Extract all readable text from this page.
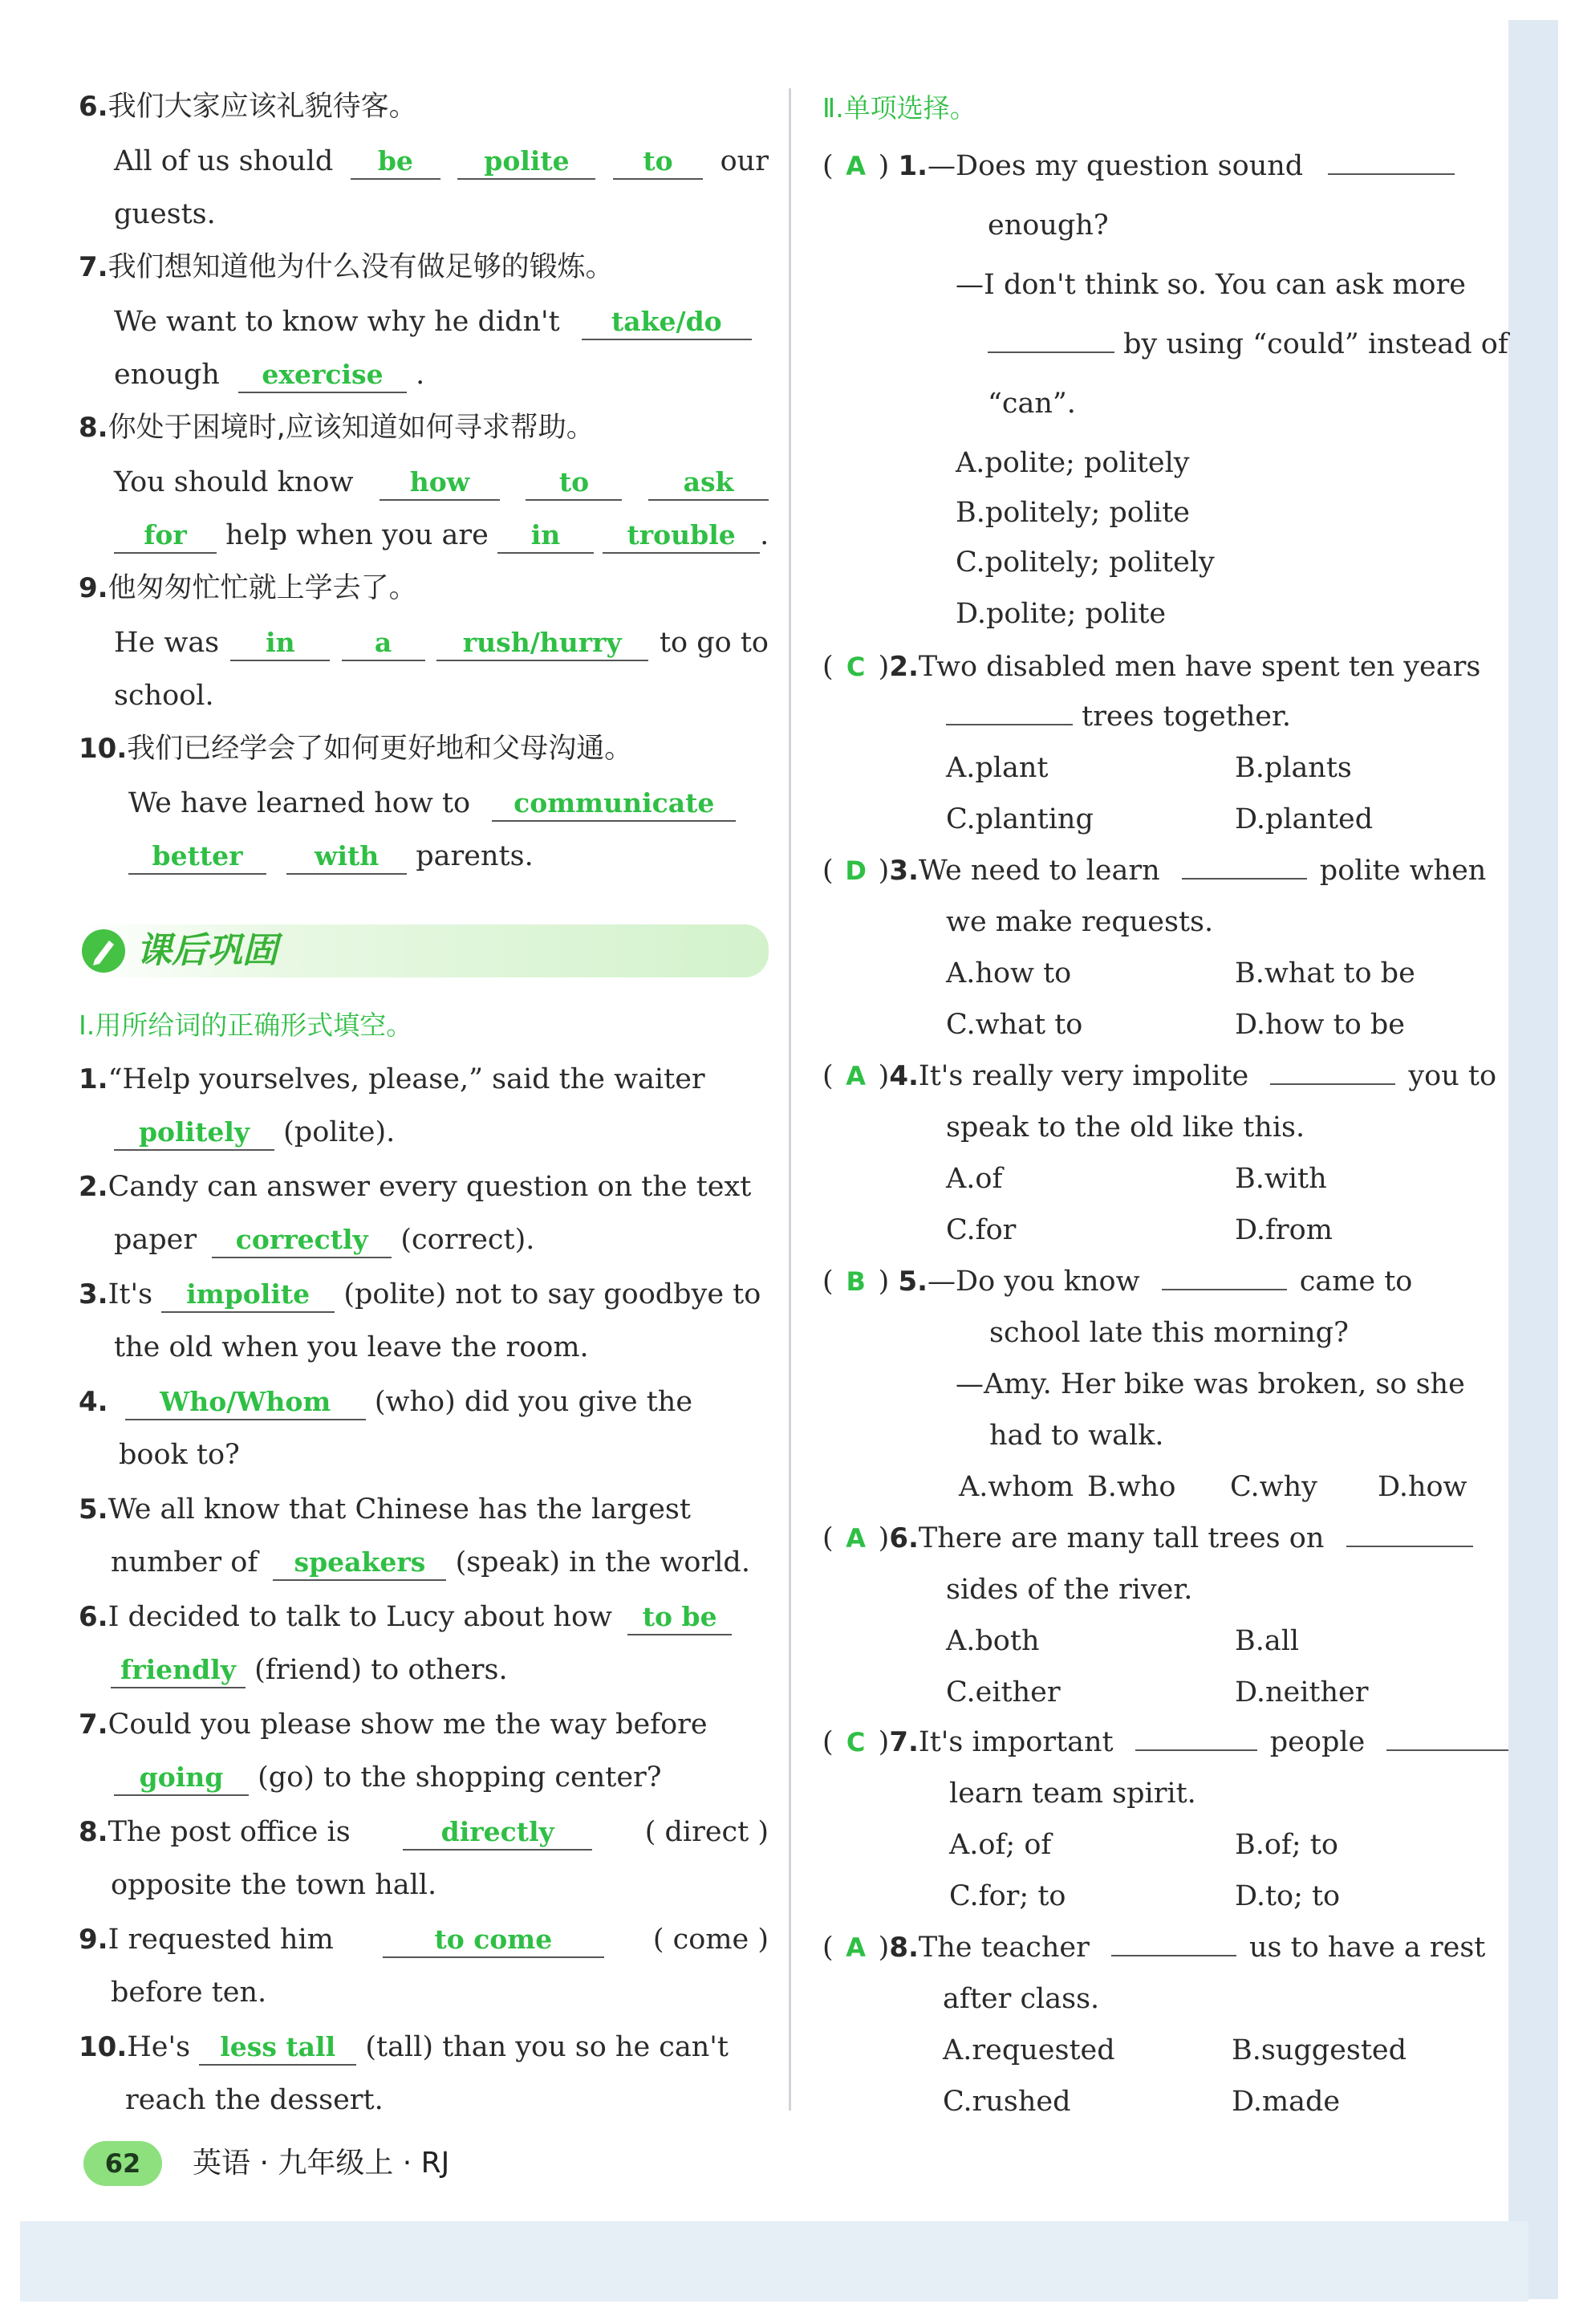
6.我们大家应该礼貌待客。
All of us should	be	polite	to	our
guests.
7.我们想知道他为什么没有做足够的锻炼。
We want to know why he didn't take/do
enough exercise .
8.你处于困境时,应该知道如何寻求帮助。
You should know	how	to	ask
for help when you are in	trouble .
9.他匆匆忙忙就上学去了。
He was	in	a	rush/hurry	to go to
school.
10.我们已经学会了如何更好地和父母沟通。
We have learned how to communicate
better	with parents.
课后巩固
Ⅰ.用所给词的正确形式填空。
1.“Help yourselves, please,” said the waiter
politely (polite).
2.Candy can answer every question on the text
paper correctly (correct).
3.It's impolite (polite) not to say goodbye to
the old when you leave the room.
4. Who/Whom (who) did you give the
book to?
5.We all know that Chinese has the largest
number of speakers (speak) in the world.
6.I decided to talk to Lucy about how to be
friendly (friend) to others.
7.Could you please show me the way before
going (go) to the shopping center?
8.The post office is	directly	( direct )
opposite the town hall.
9.I requested him	to come	( come )
before ten.
10.He's less tall (tall) than you so he can't
reach the dessert.
Ⅱ.单项选择。
( A ) 1.—Does my question sound
enough?
—I don't think so. You can ask more
by using “could” instead of
“can”.
A.polite; politely
B.politely; polite
C.politely; politely
D.polite; polite
( C )2.Two disabled men have spent ten years
trees together.
A.plant	B.plants
C.planting	D.planted
( D )3.We need to learn	polite when
we make requests.
A.how to	B.what to be
C.what to	D.how to be
( A )4.It's really very impolite	you to
speak to the old like this.
A.of	B.with
C.for	D.from
( B ) 5.—Do you know	came to
school late this morning?
—Amy. Her bike was broken, so she
had to walk.
A.whom B.who	C.why	D.how
( A )6.There are many tall trees on
sides of the river.
A.both	B.all
C.either	D.neither
( C )7.It's important	people
learn team spirit.
A.of; of	B.of; to
C.for; to	D.to; to
( A )8.The teacher	us to have a rest
after class.
A.requested	B.suggested
C.rushed	D.made
62	英语 · 九年级上 · RJ
